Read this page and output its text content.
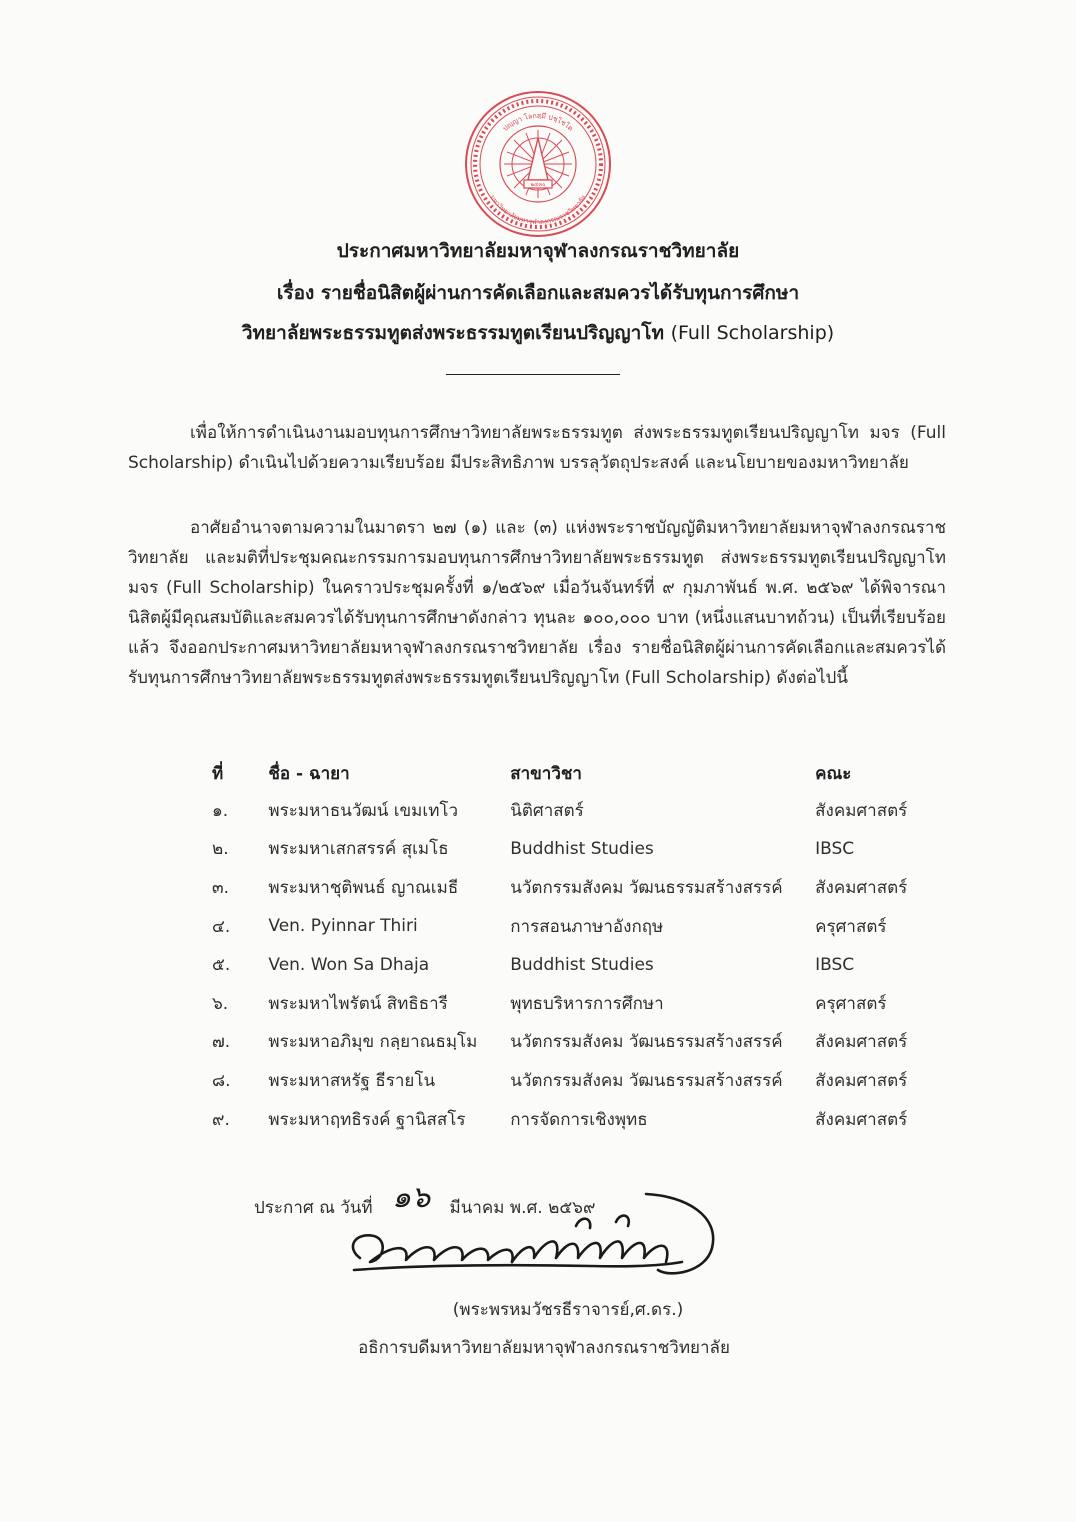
ปญฺญา โลกสฺมึ ปชฺโชโต
มหาวิทยาลัยมหาจุฬาลงกรณราชวิทยาลัย
๒๔๓๐
ประกาศมหาวิทยาลัยมหาจุฬาลงกรณราชวิทยาลัย
เรื่อง รายชื่อนิสิตผู้ผ่านการคัดเลือกและสมควรได้รับทุนการศึกษา
วิทยาลัยพระธรรมทูตส่งพระธรรมทูตเรียนปริญญาโท (Full Scholarship)
เพื่อให้การดำเนินงานมอบทุนการศึกษาวิทยาลัยพระธรรมทูต ส่งพระธรรมทูตเรียนปริญญาโท มจร (Full Scholarship) ดำเนินไปด้วยความเรียบร้อย มีประสิทธิภาพ บรรลุวัตถุประสงค์ และนโยบายของมหาวิทยาลัย
อาศัยอำนาจตามความในมาตรา ๒๗ (๑) และ (๓) แห่งพระราชบัญญัติมหาวิทยาลัยมหาจุฬาลงกรณราชวิทยาลัย และมติที่ประชุมคณะกรรมการมอบทุนการศึกษาวิทยาลัยพระธรรมทูต ส่งพระธรรมทูตเรียนปริญญาโท มจร (Full Scholarship) ในคราวประชุมครั้งที่ ๑/๒๕๖๙ เมื่อวันจันทร์ที่ ๙ กุมภาพันธ์ พ.ศ. ๒๕๖๙ ได้พิจารณานิสิตผู้มีคุณสมบัติและสมควรได้รับทุนการศึกษาดังกล่าว ทุนละ ๑๐๐,๐๐๐ บาท (หนึ่งแสนบาทถ้วน) เป็นที่เรียบร้อยแล้ว จึงออกประกาศมหาวิทยาลัยมหาจุฬาลงกรณราชวิทยาลัย เรื่อง รายชื่อนิสิตผู้ผ่านการคัดเลือกและสมควรได้รับทุนการศึกษาวิทยาลัยพระธรรมทูตส่งพระธรรมทูตเรียนปริญญาโท (Full Scholarship) ดังต่อไปนี้
ที่	ชื่อ - ฉายา	สาขาวิชา	คณะ
๑.	พระมหาธนวัฒน์ เขมเทโว	นิติศาสตร์	สังคมศาสตร์
๒.	พระมหาเสกสรรค์ สุเมโธ	Buddhist Studies	IBSC
๓.	พระมหาชุติพนธ์ ญาณเมธี	นวัตกรรมสังคม วัฒนธรรมสร้างสรรค์	สังคมศาสตร์
๔.	Ven. Pyinnar Thiri	การสอนภาษาอังกฤษ	ครุศาสตร์
๕.	Ven. Won Sa Dhaja	Buddhist Studies	IBSC
๖.	พระมหาไพรัตน์ สิทธิธารี	พุทธบริหารการศึกษา	ครุศาสตร์
๗.	พระมหาอภิมุข กลฺยาณธมฺโม	นวัตกรรมสังคม วัฒนธรรมสร้างสรรค์	สังคมศาสตร์
๘.	พระมหาสหรัฐ ธีรายโน	นวัตกรรมสังคม วัฒนธรรมสร้างสรรค์	สังคมศาสตร์
๙.	พระมหาฤทธิรงค์ ฐานิสสโร	การจัดการเชิงพุทธ	สังคมศาสตร์
ประกาศ ณ วันที่ ๑๖ มีนาคม พ.ศ. ๒๕๖๙
(พระพรหมวัชรธีราจารย์,ศ.ดร.)
อธิการบดีมหาวิทยาลัยมหาจุฬาลงกรณราชวิทยาลัย
